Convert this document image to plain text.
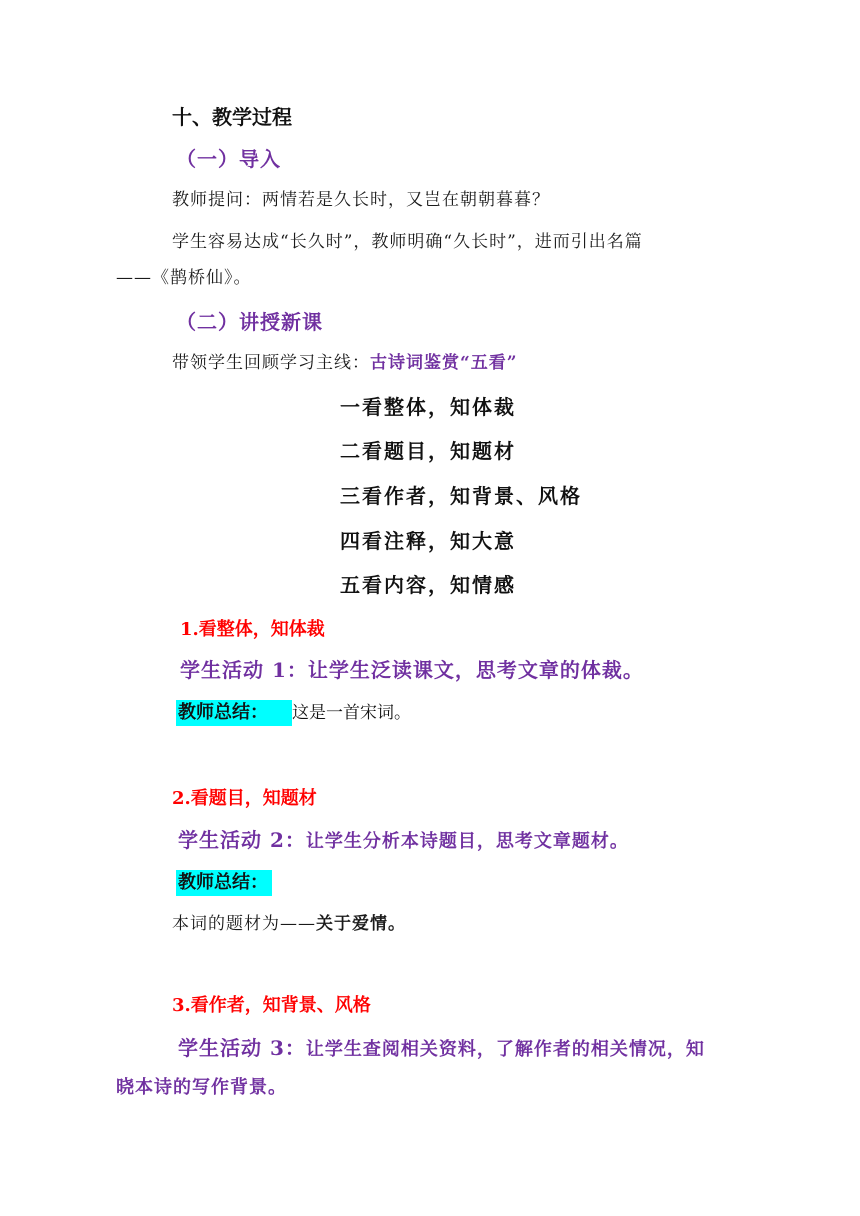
十、教学过程
（一）导入
教师提问：两情若是久长时，又岂在朝朝暮暮？
学生容易达成“长久时”，教师明确“久长时”，进而引出名篇
——《鹊桥仙》。
（二）讲授新课
带领学生回顾学习主线：古诗词鉴赏“五看”
一看整体，知体裁
二看题目，知题材
三看作者，知背景、风格
四看注释，知大意
五看内容，知情感
1.看整体，知体裁
学生活动 1：让学生泛读课文，思考文章的体裁。
教师总结： 这是一首宋词。
2.看题目，知题材
学生活动 2：让学生分析本诗题目，思考文章题材。
教师总结：
本词的题材为——关于爱情。
3.看作者，知背景、风格
学生活动 3：让学生查阅相关资料，了解作者的相关情况，知
晓本诗的写作背景。
